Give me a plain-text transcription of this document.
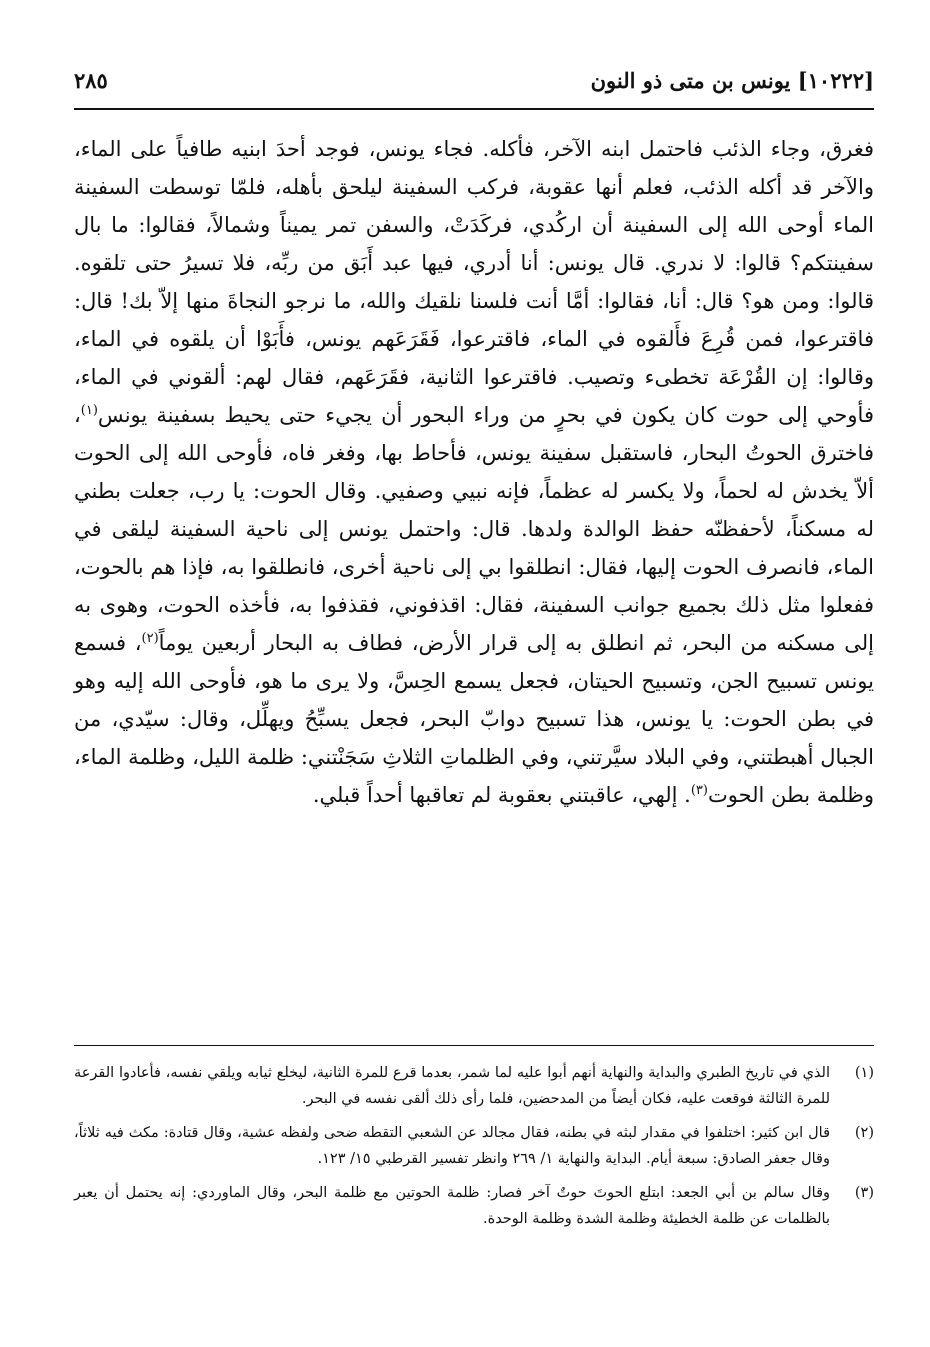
[١٠٢٢٢] يونس بن متى ذو النون
٢٨٥

فغرق، وجاء الذئب فاحتمل ابنه الآخر، فأكله. فجاء يونس، فوجد أحدَ ابنيه طافياً على الماء، والآخر قد أكله الذئب، فعلم أنها عقوبة، فركب السفينة ليلحق بأهله، فلمّا توسطت السفينة الماء أوحى الله إلى السفينة أن اركُدي، فركَدَتْ، والسفن تمر يميناً وشمالاً، فقالوا: ما بال سفينتكم؟ قالوا: لا ندري. قال يونس: أنا أدري، فيها عبد أَبَق من ربِّه، فلا تسيرُ حتى تلقوه. قالوا: ومن هو؟ قال: أنا، فقالوا: أمَّا أنت فلسنا نلقيك والله، ما نرجو النجاةَ منها إلاّ بك! قال: فاقترعوا، فمن قُرِعَ فأَلقوه في الماء، فاقترعوا، فَقَرَعَهم يونس، فأَبَوْا أن يلقوه في الماء، وقالوا: إن القُرْعَة تخطىء وتصيب. فاقترعوا الثانية، فقَرَعَهم، فقال لهم: ألقوني في الماء، فأوحي إلى حوت كان يكون في بحرٍ من وراء البحور أن يجيء حتى يحيط بسفينة يونس$^{(١)}$، فاخترق الحوتُ البحار، فاستقبل سفينة يونس، فأحاط بها، وفغر فاه، فأوحى الله إلى الحوت ألاّ يخدش له لحماً، ولا يكسر له عظماً، فإنه نبيي وصفيي. وقال الحوت: يا رب، جعلت بطني له مسكناً، لأحفظنّه حفظ الوالدة ولدها. قال: واحتمل يونس إلى ناحية السفينة ليلقى في الماء، فانصرف الحوت إليها، فقال: انطلقوا بي إلى ناحية أخرى، فانطلقوا به، فإذا هم بالحوت، ففعلوا مثل ذلك بجميع جوانب السفينة، فقال: اقذفوني، فقذفوا به، فأخذه الحوت، وهوى به إلى مسكنه من البحر، ثم انطلق به إلى قرار الأرض، فطاف به البحار أربعين يوماً$^{(٢)}$، فسمع يونس تسبيح الجن، وتسبيح الحيتان، فجعل يسمع الحِسَّ، ولا يرى ما هو، فأوحى الله إليه وهو في بطن الحوت: يا يونس، هذا تسبيح دوابّ البحر، فجعل يسبِّحُ ويهلِّل، وقال: سيّدي، من الجبال أهبطتني، وفي البلاد سيَّرتني، وفي الظلماتِ الثلاثِ سَجَنْتني: ظلمة الليل، وظلمة الماء، وظلمة بطن الحوت$^{(٣)}$. إلهي، عاقبتني بعقوبة لم تعاقبها أحداً قبلي.

(١)
الذي في تاريخ الطبري والبداية والنهاية أنهم أبوا عليه لما شمر، بعدما قرع للمرة الثانية، ليخلع ثيابه ويلقي نفسه، فأعادوا القرعة للمرة الثالثة فوقعت عليه، فكان أيضاً من المدحضين، فلما رأى ذلك ألقى نفسه في البحر.
(٢)
قال ابن كثير: اختلفوا في مقدار لبثه في بطنه، فقال مجالد عن الشعبي التقطه ضحى ولفظه عشية، وقال قتادة: مكث فيه ثلاثاً، وقال جعفر الصادق: سبعة أيام. البداية والنهاية ١/ ٢٦٩ وانظر تفسير القرطبي ١٥/ ١٢٣.
(٣)
وقال سالم بن أبي الجعد: ابتلع الحوتَ حوتٌ آخر فصار: ظلمة الحوتين مع ظلمة البحر، وقال الماوردي: إنه يحتمل أن يعبر بالظلمات عن ظلمة الخطيئة وظلمة الشدة وظلمة الوحدة.
